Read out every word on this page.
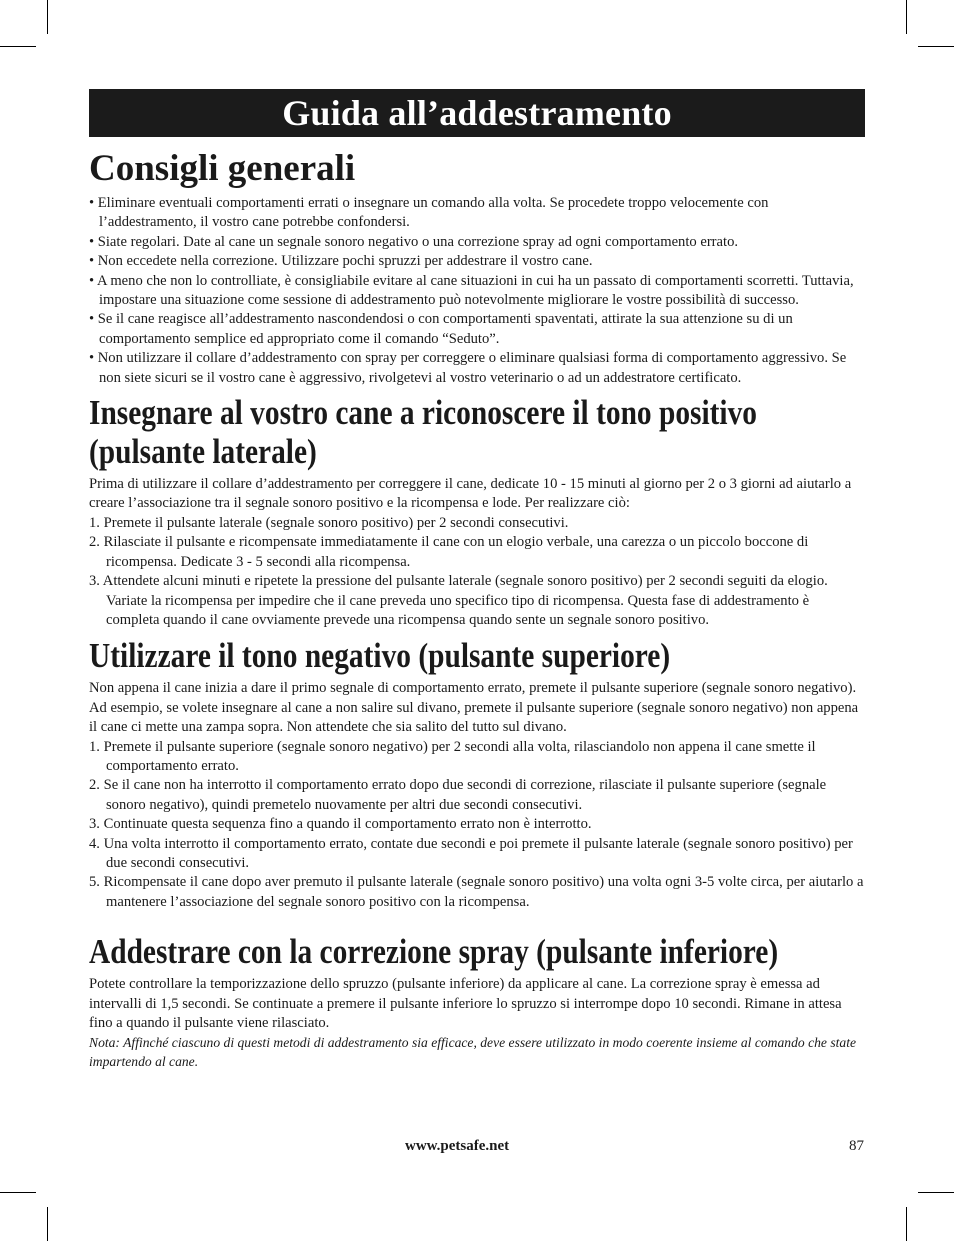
Guida all’addestramento
Consigli generali

• Eliminare eventuali comportamenti errati o insegnare un comando alla volta. Se procedete troppo velocemente con l’addestramento, il vostro cane potrebbe confondersi.

• Siate regolari. Date al cane un segnale sonoro negativo o una correzione spray ad ogni comportamento errato.

• Non eccedete nella correzione. Utilizzare pochi spruzzi per addestrare il vostro cane.

• A meno che non lo controlliate, è consigliabile evitare al cane situazioni in cui ha un passato di comportamenti scorretti. Tuttavia, impostare una situazione come sessione di addestramento può notevolmente migliorare le vostre possibilità di successo.

• Se il cane reagisce all’addestramento nascondendosi o con comportamenti spaventati, attirate la sua attenzione su di un comportamento semplice ed appropriato come il comando “Seduto”.

• Non utilizzare il collare d’addestramento con spray per correggere o eliminare qualsiasi forma di comportamento aggressivo. Se non siete sicuri se il vostro cane è aggressivo, rivolgetevi al vostro veterinario o ad un addestratore certificato.

Insegnare al vostro cane a riconoscere il tono positivo
(pulsante laterale)

Prima di utilizzare il collare d’addestramento per correggere il cane, dedicate 10 - 15 minuti al giorno per 2 o 3 giorni ad aiutarlo a creare l’associazione tra il segnale sonoro positivo e la ricompensa e lode. Per realizzare ciò:

1. Premete il pulsante laterale (segnale sonoro positivo) per 2 secondi consecutivi.

2. Rilasciate il pulsante e ricompensate immediatamente il cane con un elogio verbale, una carezza o un piccolo boccone di ricompensa. Dedicate 3 - 5 secondi alla ricompensa.

3. Attendete alcuni minuti e ripetete la pressione del pulsante laterale (segnale sonoro positivo) per 2 secondi seguiti da elogio. Variate la ricompensa per impedire che il cane preveda uno specifico tipo di ricompensa. Questa fase di addestramento è completa quando il cane ovviamente prevede una ricompensa quando sente un segnale sonoro positivo.

Utilizzare il tono negativo (pulsante superiore)

Non appena il cane inizia a dare il primo segnale di comportamento errato, premete il pulsante superiore (segnale sonoro negativo). Ad esempio, se volete insegnare al cane a non salire sul divano, premete il pulsante superiore (segnale sonoro negativo) non appena il cane ci mette una zampa sopra. Non attendete che sia salito del tutto sul divano.

1. Premete il pulsante superiore (segnale sonoro negativo) per 2 secondi alla volta, rilasciandolo non appena il cane smette il comportamento errato.

2. Se il cane non ha interrotto il comportamento errato dopo due secondi di correzione, rilasciate il pulsante superiore (segnale sonoro negativo), quindi premetelo nuovamente per altri due secondi consecutivi.

3. Continuate questa sequenza fino a quando il comportamento errato non è interrotto.

4. Una volta interrotto il comportamento errato, contate due secondi e poi premete il pulsante laterale (segnale sonoro positivo) per due secondi consecutivi.

5. Ricompensate il cane dopo aver premuto il pulsante laterale (segnale sonoro positivo) una volta ogni 3-5 volte circa, per aiutarlo a mantenere l’associazione del segnale sonoro positivo con la ricompensa.

Addestrare con la correzione spray (pulsante inferiore)

Potete controllare la temporizzazione dello spruzzo (pulsante inferiore) da applicare al cane. La correzione spray è emessa ad intervalli di 1,5 secondi. Se continuate a premere il pulsante inferiore lo spruzzo si interrompe dopo 10 secondi. Rimane in attesa fino a quando il pulsante viene rilasciato.

Nota: Affinché ciascuno di questi metodi di addestramento sia efficace, deve essere utilizzato in modo coerente insieme al comando che state impartendo al cane.

www.petsafe.net	87
